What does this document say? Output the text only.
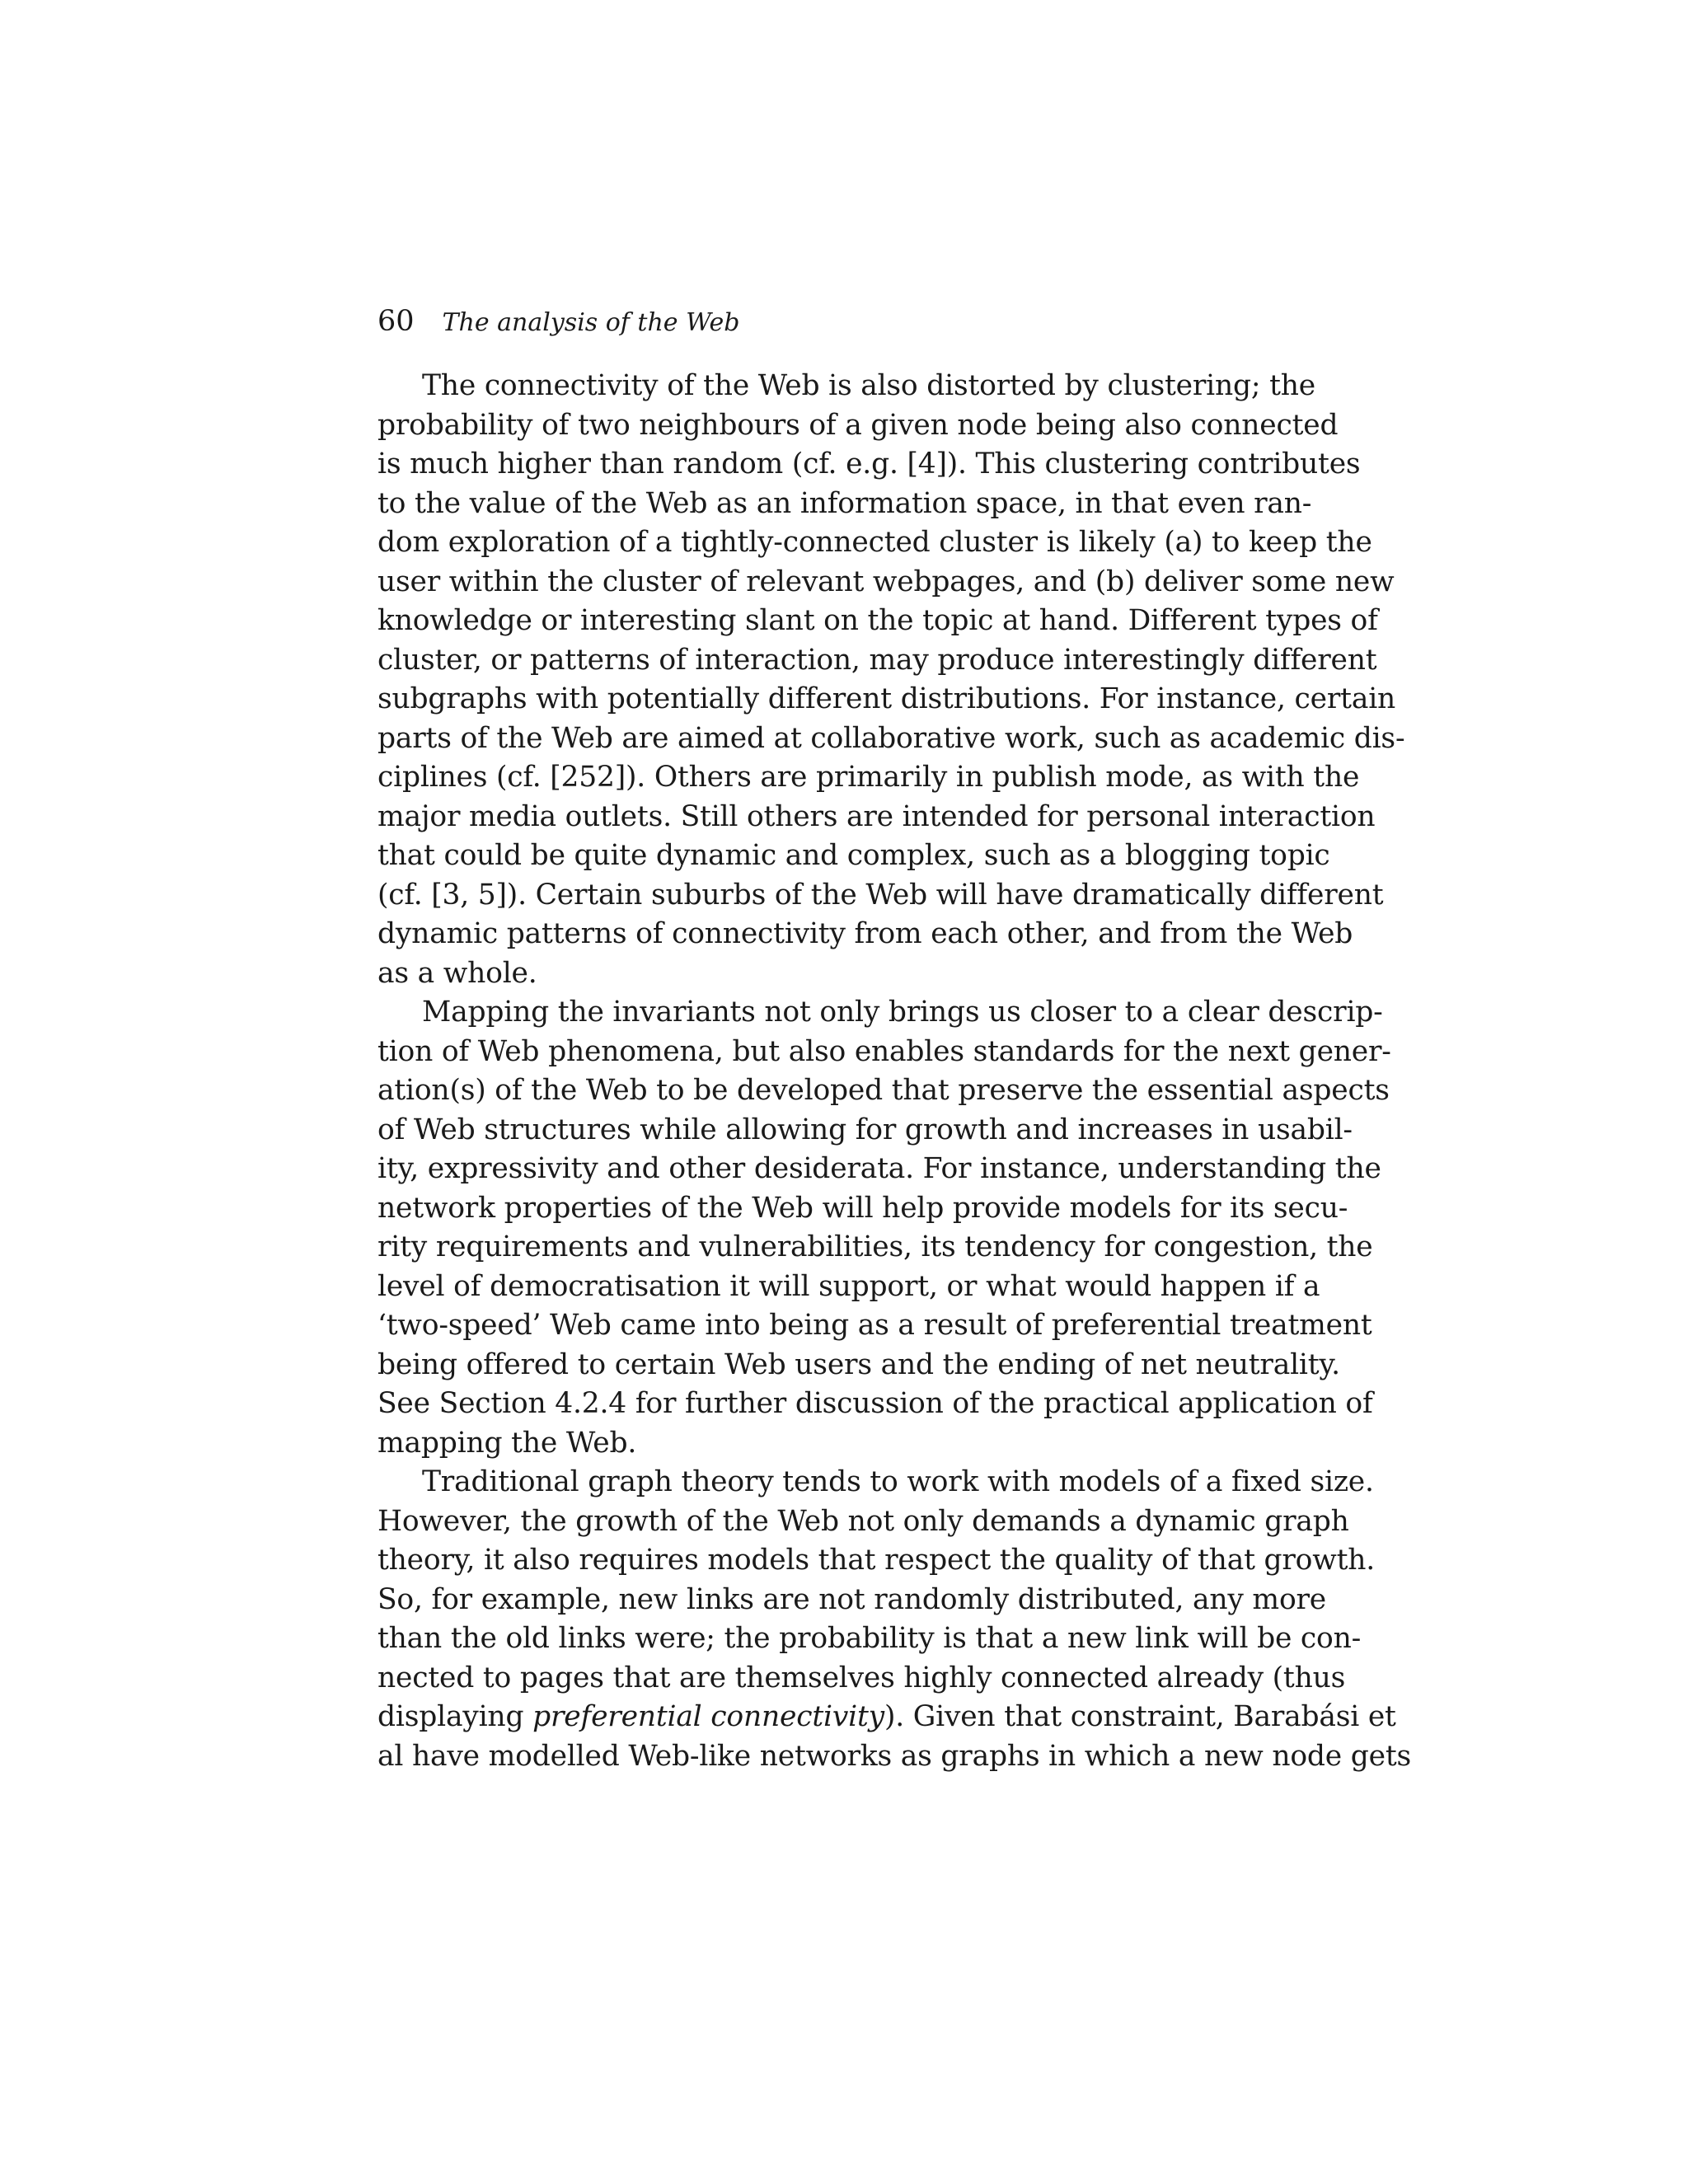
60 The analysis of the Web
The connectivity of the Web is also distorted by clustering; the
probability of two neighbours of a given node being also connected
is much higher than random (cf. e.g. [4]). This clustering contributes
to the value of the Web as an information space, in that even ran-
dom exploration of a tightly-connected cluster is likely (a) to keep the
user within the cluster of relevant webpages, and (b) deliver some new
knowledge or interesting slant on the topic at hand. Different types of
cluster, or patterns of interaction, may produce interestingly different
subgraphs with potentially different distributions. For instance, certain
parts of the Web are aimed at collaborative work, such as academic dis-
ciplines (cf. [252]). Others are primarily in publish mode, as with the
major media outlets. Still others are intended for personal interaction
that could be quite dynamic and complex, such as a blogging topic
(cf. [3, 5]). Certain suburbs of the Web will have dramatically different
dynamic patterns of connectivity from each other, and from the Web
as a whole.
Mapping the invariants not only brings us closer to a clear descrip-
tion of Web phenomena, but also enables standards for the next gener-
ation(s) of the Web to be developed that preserve the essential aspects
of Web structures while allowing for growth and increases in usabil-
ity, expressivity and other desiderata. For instance, understanding the
network properties of the Web will help provide models for its secu-
rity requirements and vulnerabilities, its tendency for congestion, the
level of democratisation it will support, or what would happen if a
‘two-speed’ Web came into being as a result of preferential treatment
being offered to certain Web users and the ending of net neutrality.
See Section 4.2.4 for further discussion of the practical application of
mapping the Web.
Traditional graph theory tends to work with models of a fixed size.
However, the growth of the Web not only demands a dynamic graph
theory, it also requires models that respect the quality of that growth.
So, for example, new links are not randomly distributed, any more
than the old links were; the probability is that a new link will be con-
nected to pages that are themselves highly connected already (thus
displaying preferential connectivity). Given that constraint, Barabási et
al have modelled Web-like networks as graphs in which a new node gets
